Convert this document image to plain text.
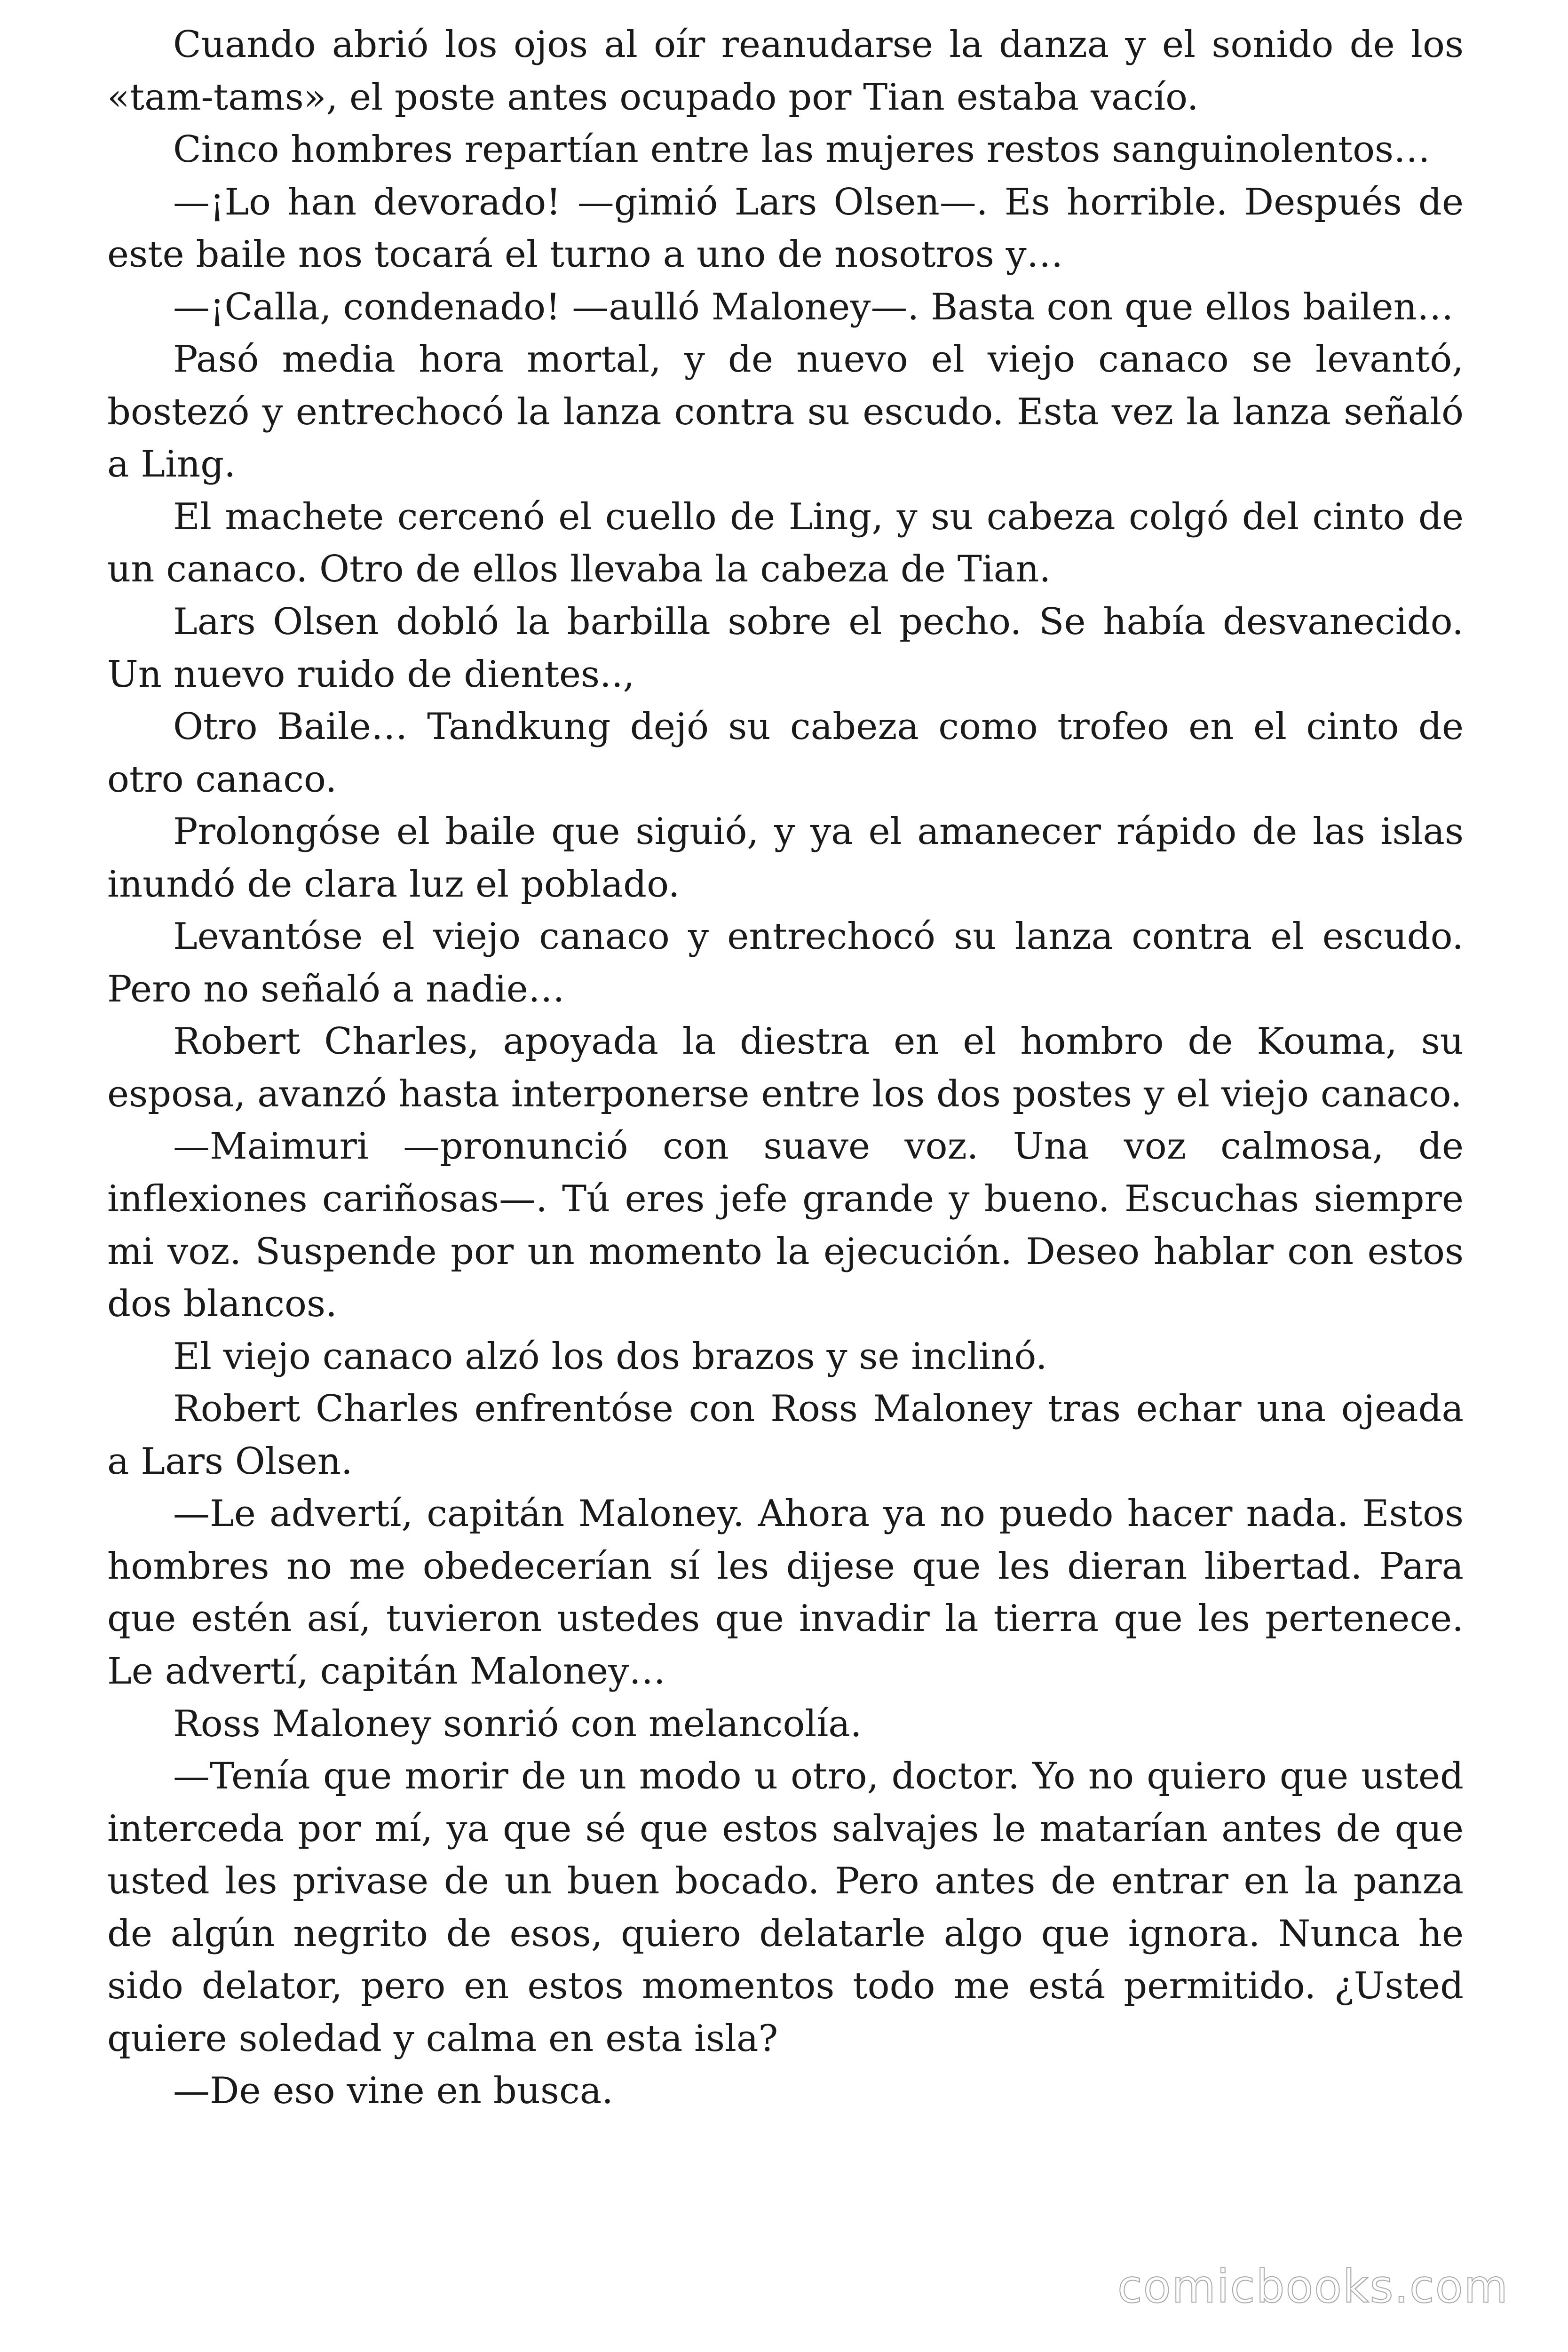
Cuando abrió los ojos al oír reanudarse la danza y el sonido de los «tam-tams», el poste antes ocupado por Tian estaba vacío.

Cinco hombres repartían entre las mujeres restos sanguinolentos…

—¡Lo han devorado! —gimió Lars Olsen—. Es horrible. Después de este baile nos tocará el turno a uno de nosotros y…

—¡Calla, condenado! —aulló Maloney—. Basta con que ellos bailen…

Pasó media hora mortal, y de nuevo el viejo canaco se levantó, bostezó y entrechocó la lanza contra su escudo. Esta vez la lanza señaló a Ling.

El machete cercenó el cuello de Ling, y su cabeza colgó del cinto de un canaco. Otro de ellos llevaba la cabeza de Tian.

Lars Olsen dobló la barbilla sobre el pecho. Se había desvanecido. Un nuevo ruido de dientes..,

Otro Baile… Tandkung dejó su cabeza como trofeo en el cinto de otro canaco.

Prolongóse el baile que siguió, y ya el amanecer rápido de las islas inundó de clara luz el poblado.

Levantóse el viejo canaco y entrechocó su lanza contra el escudo. Pero no señaló a nadie…

Robert Charles, apoyada la diestra en el hombro de Kouma, su esposa, avanzó hasta interponerse entre los dos postes y el viejo canaco.

—Maimuri —pronunció con suave voz. Una voz calmosa, de inflexiones cariñosas—. Tú eres jefe grande y bueno. Escuchas siempre mi voz. Suspende por un momento la ejecución. Deseo hablar con estos dos blancos.

El viejo canaco alzó los dos brazos y se inclinó.

Robert Charles enfrentóse con Ross Maloney tras echar una ojeada a Lars Olsen.

—Le advertí, capitán Maloney. Ahora ya no puedo hacer nada. Estos hombres no me obedecerían sí les dijese que les dieran libertad. Para que estén así, tuvieron ustedes que invadir la tierra que les pertenece. Le advertí, capitán Maloney…

Ross Maloney sonrió con melancolía.

—Tenía que morir de un modo u otro, doctor. Yo no quiero que usted interceda por mí, ya que sé que estos salvajes le matarían antes de que usted les privase de un buen bocado. Pero antes de entrar en la panza de algún negrito de esos, quiero delatarle algo que ignora. Nunca he sido delator, pero en estos momentos todo me está permitido. ¿Usted quiere soledad y calma en esta isla?

—De eso vine en busca.

comicbooks.com
